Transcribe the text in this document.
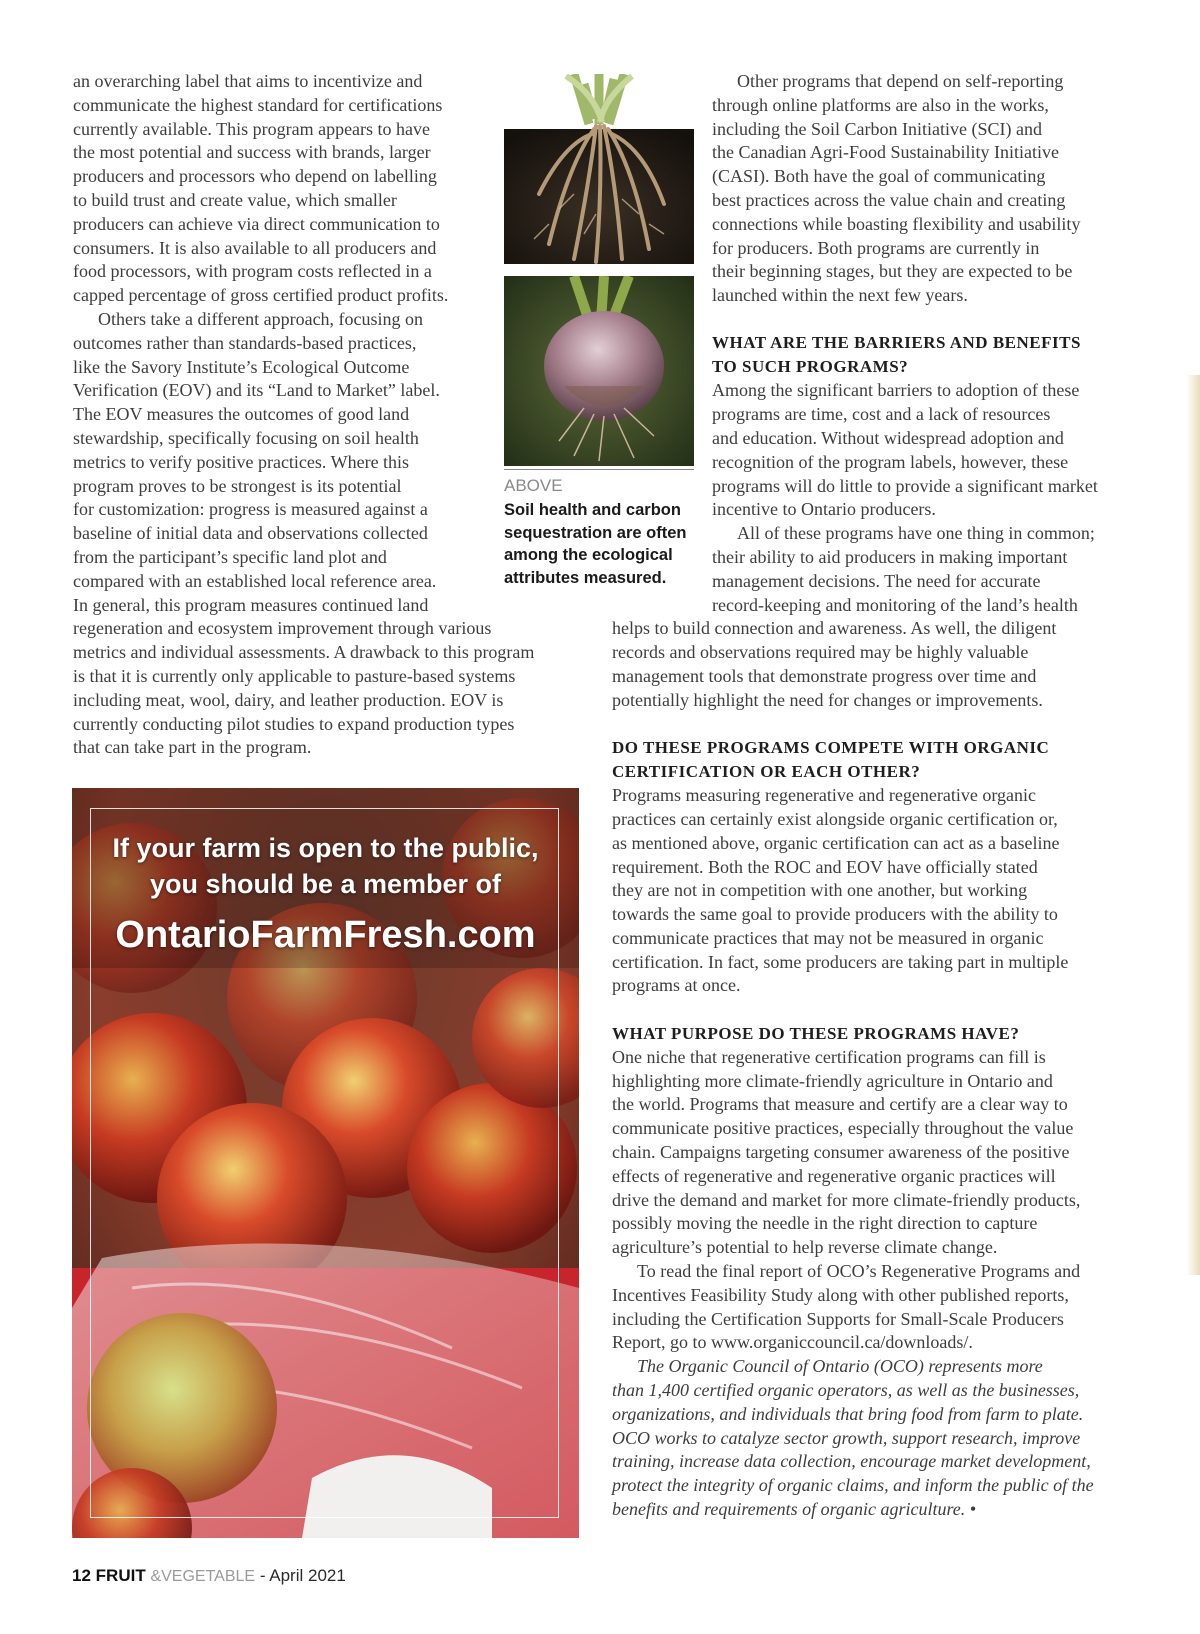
an overarching label that aims to incentivize and
communicate the highest standard for certifications
currently available. This program appears to have
the most potential and success with brands, larger
producers and processors who depend on labelling
to build trust and create value, which smaller
producers can achieve via direct communication to
consumers. It is also available to all producers and
food processors, with program costs reflected in a
capped percentage of gross certified product profits.
Others take a different approach, focusing on
outcomes rather than standards-based practices,
like the Savory Institute’s Ecological Outcome
Verification (EOV) and its “Land to Market” label.
The EOV measures the outcomes of good land
stewardship, specifically focusing on soil health
metrics to verify positive practices. Where this
program proves to be strongest is its potential
for customization: progress is measured against a
baseline of initial data and observations collected
from the participant’s specific land plot and
compared with an established local reference area.
In general, this program measures continued land
regeneration and ecosystem improvement through various
metrics and individual assessments. A drawback to this program
is that it is currently only applicable to pasture-based systems
including meat, wool, dairy, and leather production. EOV is
currently conducting pilot studies to expand production types
that can take part in the program.
ABOVE
Soil health and carbon sequestration are often among the ecological attributes measured.
Other programs that depend on self-reporting
through online platforms are also in the works,
including the Soil Carbon Initiative (SCI) and
the Canadian Agri-Food Sustainability Initiative
(CASI). Both have the goal of communicating
best practices across the value chain and creating
connections while boasting flexibility and usability
for producers. Both programs are currently in
their beginning stages, but they are expected to be
launched within the next few years.
WHAT ARE THE BARRIERS AND BENEFITS
TO SUCH PROGRAMS?
Among the significant barriers to adoption of these
programs are time, cost and a lack of resources
and education. Without widespread adoption and
recognition of the program labels, however, these
programs will do little to provide a significant market
incentive to Ontario producers.
All of these programs have one thing in common;
their ability to aid producers in making important
management decisions. The need for accurate
record-keeping and monitoring of the land’s health
helps to build connection and awareness. As well, the diligent
records and observations required may be highly valuable
management tools that demonstrate progress over time and
potentially highlight the need for changes or improvements.
DO THESE PROGRAMS COMPETE WITH ORGANIC
CERTIFICATION OR EACH OTHER?
Programs measuring regenerative and regenerative organic
practices can certainly exist alongside organic certification or,
as mentioned above, organic certification can act as a baseline
requirement. Both the ROC and EOV have officially stated
they are not in competition with one another, but working
towards the same goal to provide producers with the ability to
communicate practices that may not be measured in organic
certification. In fact, some producers are taking part in multiple
programs at once.
WHAT PURPOSE DO THESE PROGRAMS HAVE?
One niche that regenerative certification programs can fill is
highlighting more climate-friendly agriculture in Ontario and
the world. Programs that measure and certify are a clear way to
communicate positive practices, especially throughout the value
chain. Campaigns targeting consumer awareness of the positive
effects of regenerative and regenerative organic practices will
drive the demand and market for more climate-friendly products,
possibly moving the needle in the right direction to capture
agriculture’s potential to help reverse climate change.
To read the final report of OCO’s Regenerative Programs and
Incentives Feasibility Study along with other published reports,
including the Certification Supports for Small-Scale Producers
Report, go to www.organiccouncil.ca/downloads/.
The Organic Council of Ontario (OCO) represents more
than 1,400 certified organic operators, as well as the businesses,
organizations, and individuals that bring food from farm to plate.
OCO works to catalyze sector growth, support research, improve
training, increase data collection, encourage market development,
protect the integrity of organic claims, and inform the public of the
benefits and requirements of organic agriculture. •
If your farm is open to the public,
you should be a member of
OntarioFarmFresh.com
12 FRUIT &VEGETABLE - April 2021
